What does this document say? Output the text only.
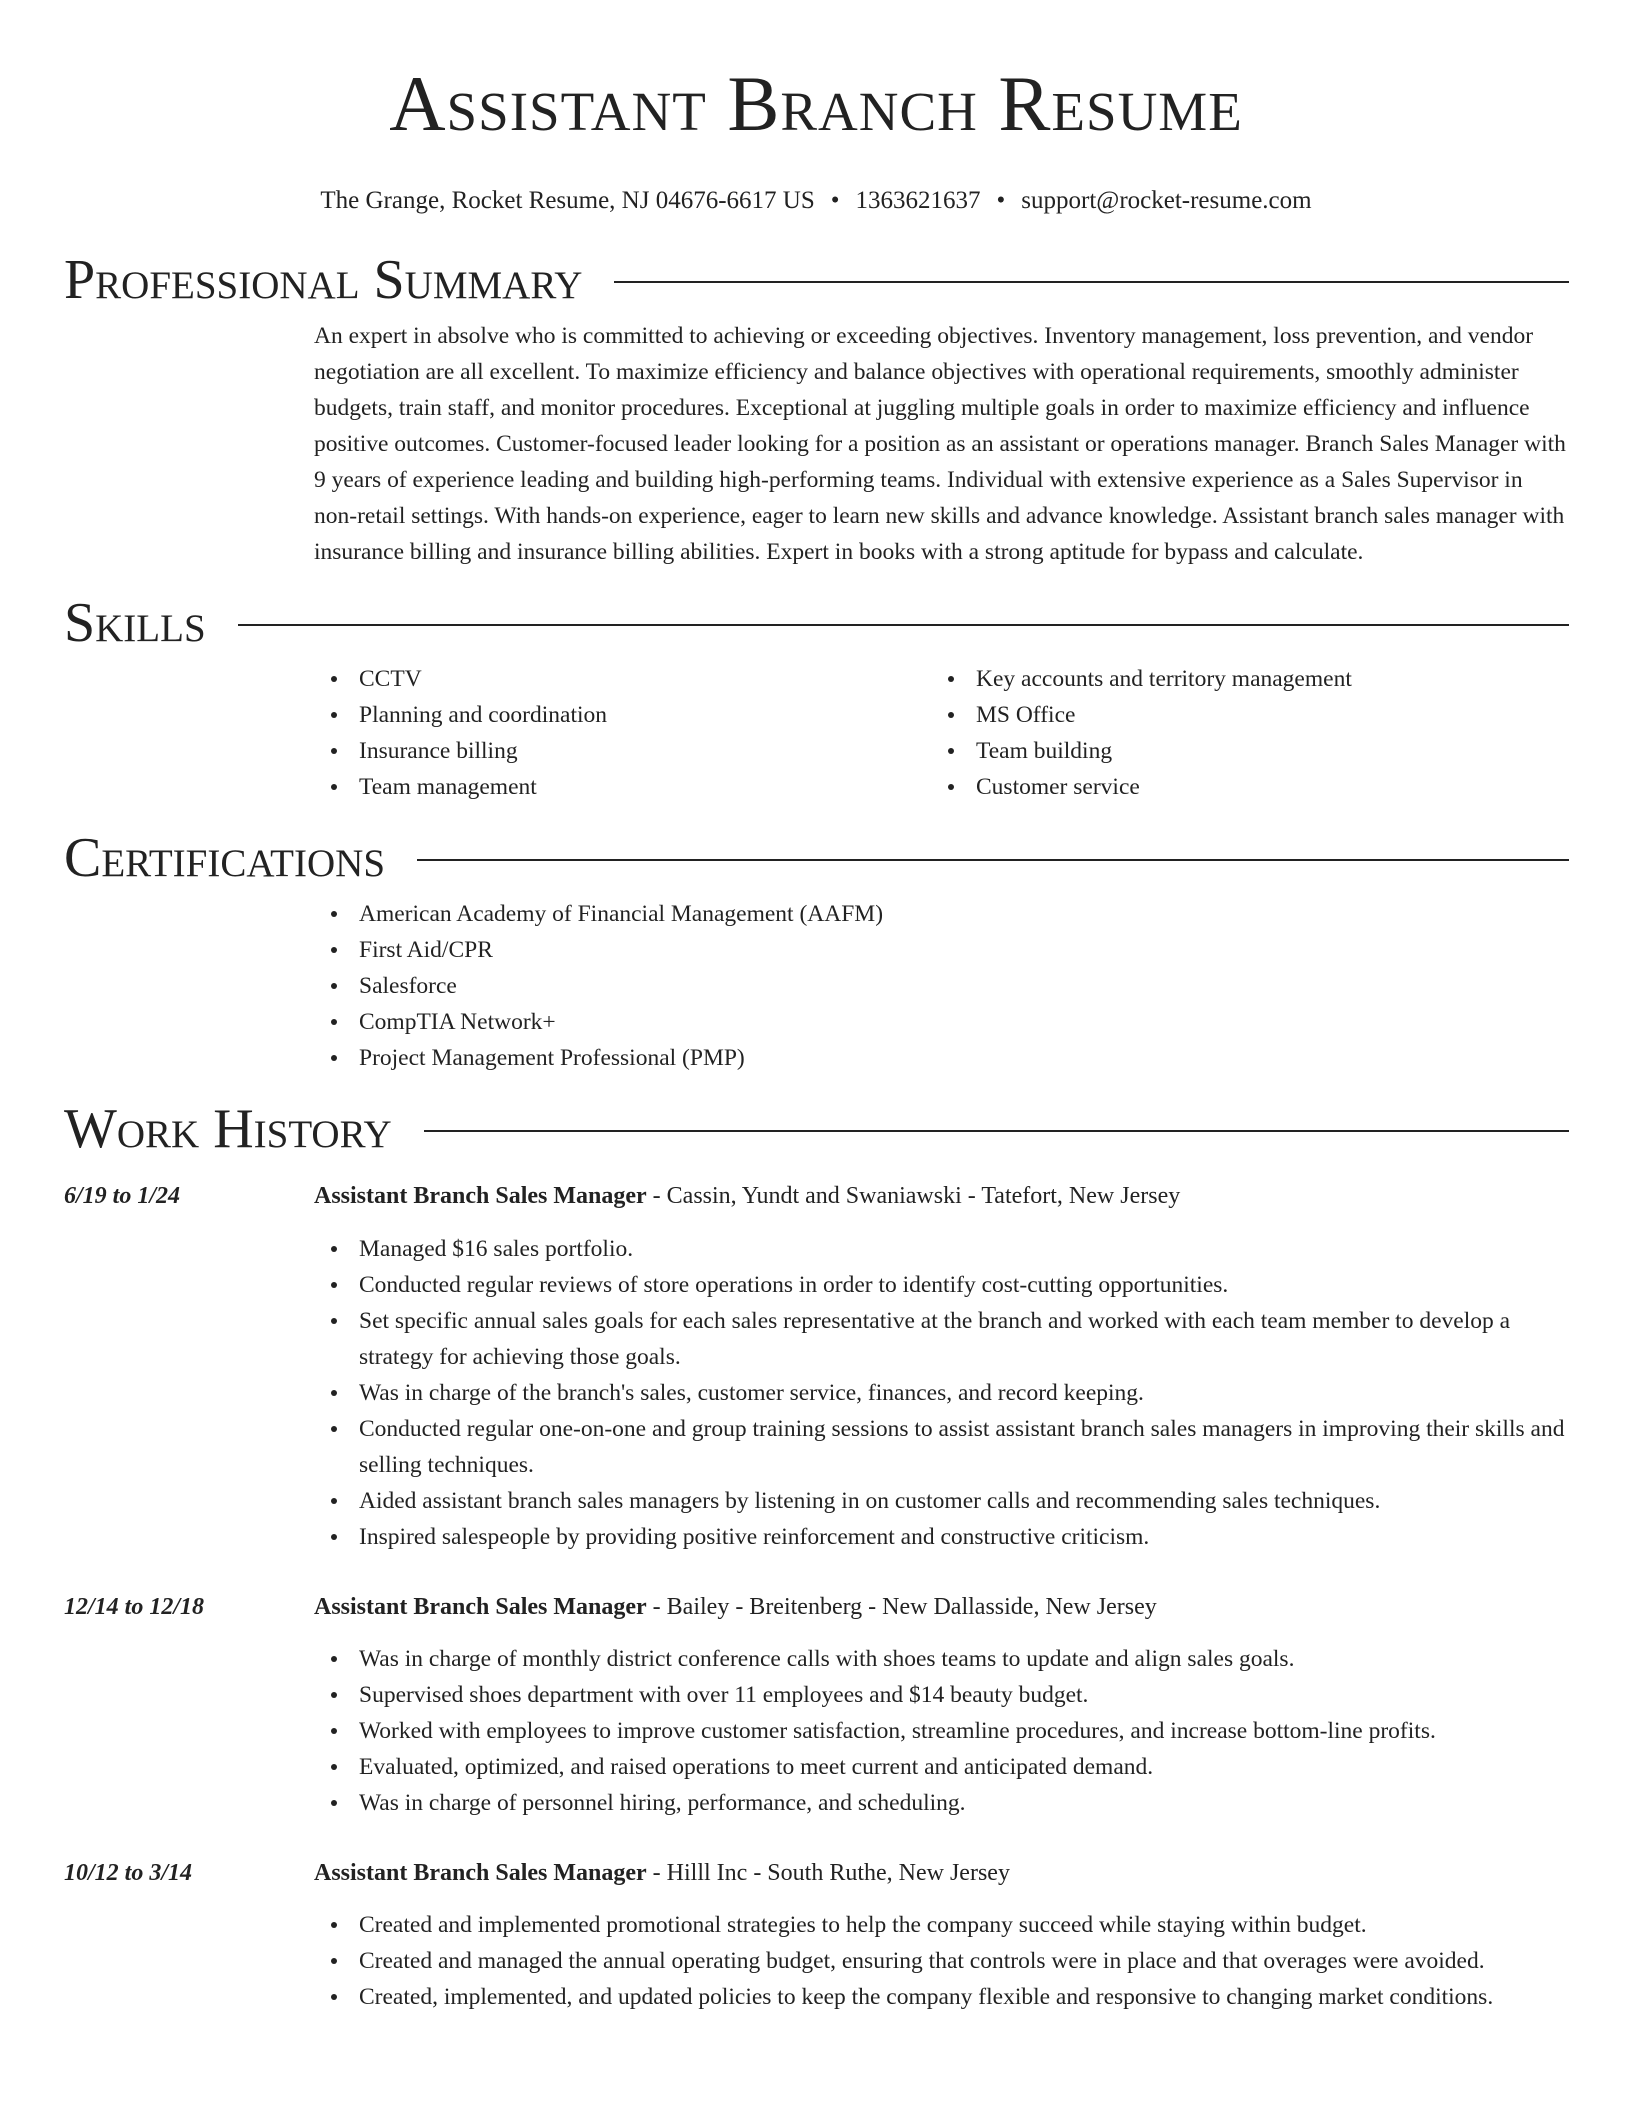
Assistant Branch Resume
The Grange, Rocket Resume, NJ 04676-6617 US • 1363621637 • support@rocket-resume.com
Professional Summary

An expert in absolve who is committed to achieving or exceeding objectives. Inventory management, loss prevention, and vendor negotiation are all excellent. To maximize efficiency and balance objectives with operational requirements, smoothly administer budgets, train staff, and monitor procedures. Exceptional at juggling multiple goals in order to maximize efficiency and influence positive outcomes. Customer-focused leader looking for a position as an assistant or operations manager. Branch Sales Manager with 9 years of experience leading and building high-performing teams. Individual with extensive experience as a Sales Supervisor in non-retail settings. With hands-on experience, eager to learn new skills and advance knowledge. Assistant branch sales manager with insurance billing and insurance billing abilities. Expert in books with a strong aptitude for bypass and calculate.

Skills
CCTV
Planning and coordination
Insurance billing
Team management
Key accounts and territory management
MS Office
Team building
Customer service
Certifications
American Academy of Financial Management (AAFM)
First Aid/CPR
Salesforce
CompTIA Network+
Project Management Professional (PMP)
Work History
6/19 to 1/24	Assistant Branch Sales Manager - Cassin, Yundt and Swaniawski - Tatefort, New Jersey
Managed $16 sales portfolio.
Conducted regular reviews of store operations in order to identify cost-cutting opportunities.
Set specific annual sales goals for each sales representative at the branch and worked with each team member to develop a strategy for achieving those goals.
Was in charge of the branch's sales, customer service, finances, and record keeping.
Conducted regular one-on-one and group training sessions to assist assistant branch sales managers in improving their skills and selling techniques.
Aided assistant branch sales managers by listening in on customer calls and recommending sales techniques.
Inspired salespeople by providing positive reinforcement and constructive criticism.
12/14 to 12/18	Assistant Branch Sales Manager - Bailey - Breitenberg - New Dallasside, New Jersey
Was in charge of monthly district conference calls with shoes teams to update and align sales goals.
Supervised shoes department with over 11 employees and $14 beauty budget.
Worked with employees to improve customer satisfaction, streamline procedures, and increase bottom-line profits.
Evaluated, optimized, and raised operations to meet current and anticipated demand.
Was in charge of personnel hiring, performance, and scheduling.
10/12 to 3/14	Assistant Branch Sales Manager - Hilll Inc - South Ruthe, New Jersey
Created and implemented promotional strategies to help the company succeed while staying within budget.
Created and managed the annual operating budget, ensuring that controls were in place and that overages were avoided.
Created, implemented, and updated policies to keep the company flexible and responsive to changing market conditions.
